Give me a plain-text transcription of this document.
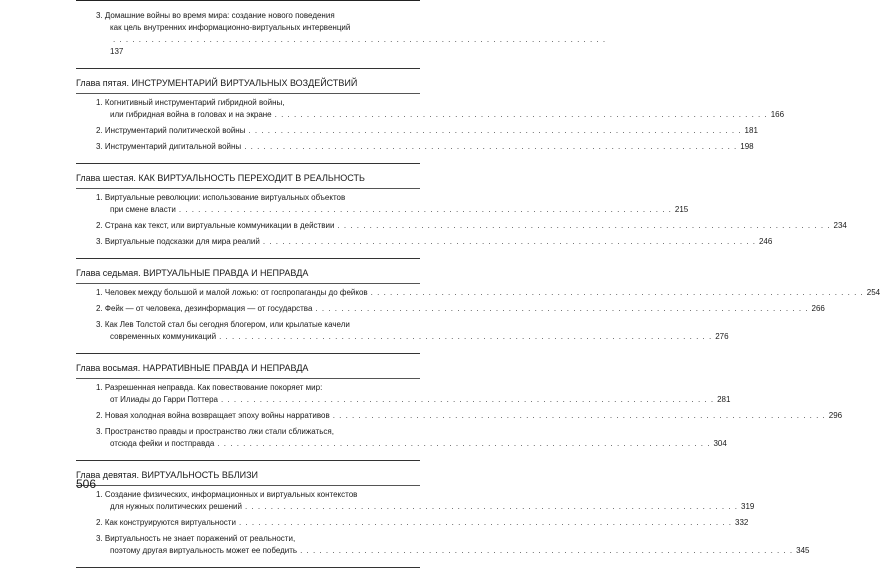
3. Домашние войны во время мира: создание нового поведения
как цель внутренних информационно-виртуальных интервенций . . . 137
Глава пятая. ИНСТРУМЕНТАРИЙ ВИРТУАЛЬНЫХ ВОЗДЕЙСТВИЙ
1. Когнитивный инструментарий гибридной войны,
или гибридная война в головах и на экране . . .	166
2. Инструментарий политической войны . . .	181
3. Инструментарий дигитальной войны . . .	198
Глава шестая. КАК ВИРТУАЛЬНОСТЬ ПЕРЕХОДИТ В РЕАЛЬНОСТЬ
1. Виртуальные революции: использование виртуальных объектов
при смене власти . . .	215
2. Страна как текст, или виртуальные коммуникации в действии . . .	234
3. Виртуальные подсказки для мира реалий . . .	246
Глава седьмая. ВИРТУАЛЬНЫЕ ПРАВДА И НЕПРАВДА
1. Человек между большой и малой ложью: от госпропаганды до фейков . . .	254
2. Фейк — от человека, дезинформация — от государства . . .	266
3. Как Лев Толстой стал бы сегодня блогером, или крылатые качели
современных коммуникаций . . .	276
Глава восьмая. НАРРАТИВНЫЕ ПРАВДА И НЕПРАВДА
1. Разрешенная неправда. Как повествование покоряет мир:
от Илиады до Гарри Поттера . . .	281
2. Новая холодная война возвращает эпоху войны нарративов . . .	296
3. Пространство правды и пространство лжи стали сближаться,
отсюда фейки и постправда . . .	304
Глава девятая. ВИРТУАЛЬНОСТЬ ВБЛИЗИ
1. Создание физических, информационных и виртуальных контекстов
для нужных политических решений . . .	319
2. Как конструируются виртуальности . . .	332
3. Виртуальность не знает поражений от реальности,
поэтому другая виртуальность может ее победить . . .	345
506
